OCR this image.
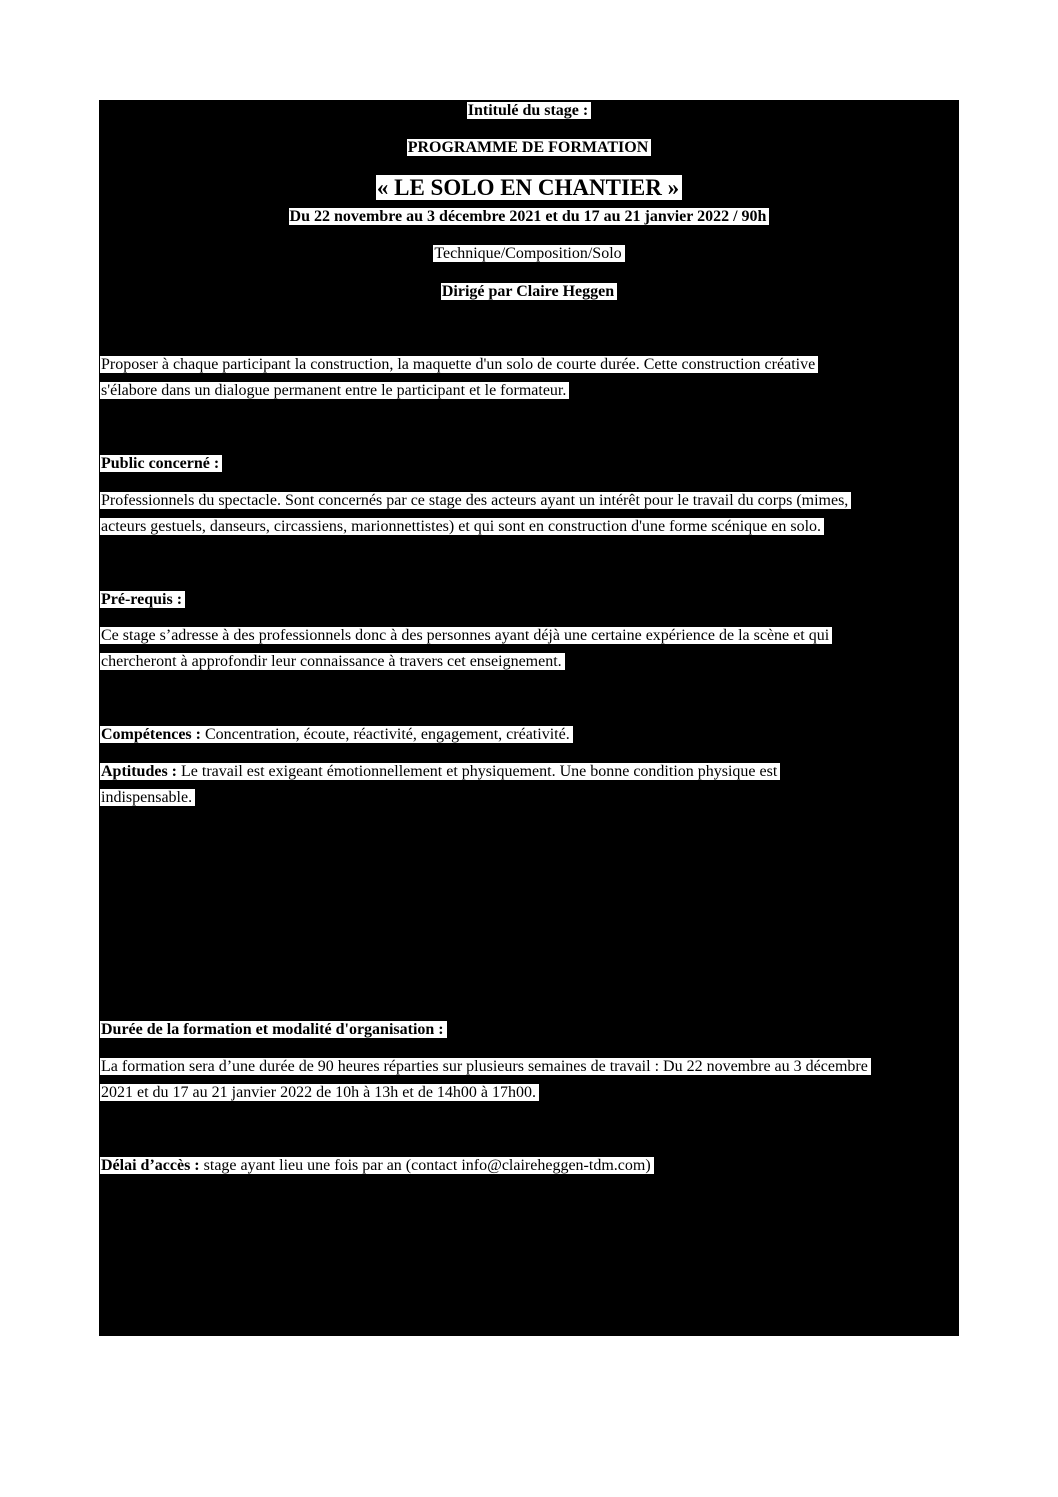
Intitulé du stage :
PROGRAMME DE FORMATION
« LE SOLO EN CHANTIER »
Du 22 novembre au 3 décembre 2021 et du 17 au 21 janvier 2022 / 90h
Technique/Composition/Solo
Dirigé par Claire Heggen
Proposer à chaque participant la construction, la maquette d'un solo de courte durée. Cette construction créative
s'élabore dans un dialogue permanent entre le participant et le formateur.
Public concerné :
Professionnels du spectacle. Sont concernés par ce stage des acteurs ayant un intérêt pour le travail du corps (mimes,
acteurs gestuels, danseurs, circassiens, marionnettistes) et qui sont en construction d'une forme scénique en solo.
Pré-requis :
Ce stage s’adresse à des professionnels donc à des personnes ayant déjà une certaine expérience de la scène et qui
chercheront à approfondir leur connaissance à travers cet enseignement.
Compétences : Concentration, écoute, réactivité, engagement, créativité.
Aptitudes : Le travail est exigeant émotionnellement et physiquement. Une bonne condition physique est
indispensable.
Durée de la formation et modalité d'organisation :
La formation sera d’une durée de 90 heures réparties sur plusieurs semaines de travail : Du 22 novembre au 3 décembre
2021 et du 17 au 21 janvier 2022 de 10h à 13h et de 14h00 à 17h00.
Délai d’accès : stage ayant lieu une fois par an (contact info@claireheggen-tdm.com)
